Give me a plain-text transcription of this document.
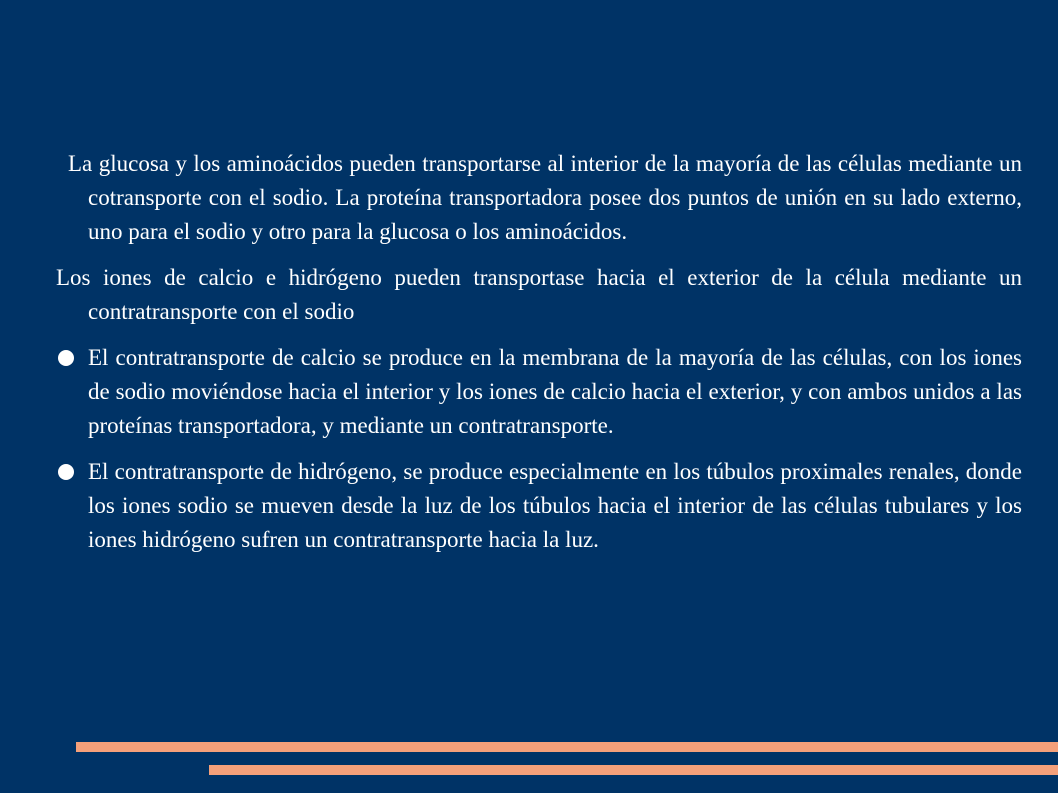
La glucosa y los aminoácidos pueden transportarse al interior de la mayoría de las células mediante un cotransporte con el sodio. La proteína transportadora posee dos puntos de unión en su lado externo, uno para el sodio y otro para la glucosa o los aminoácidos.

Los iones de calcio e hidrógeno pueden transportase hacia el exterior de la célula mediante un contratransporte con el sodio

El contratransporte de calcio se produce en la membrana de la mayoría de las células, con los iones de sodio moviéndose hacia el interior y los iones de calcio hacia el exterior, y con ambos unidos a las proteínas transportadora, y mediante un contratransporte.

El contratransporte de hidrógeno, se produce especialmente en los túbulos proximales renales, donde los iones sodio se mueven desde la luz de los túbulos hacia el interior de las células tubulares y los iones hidrógeno sufren un contratransporte hacia la luz.
